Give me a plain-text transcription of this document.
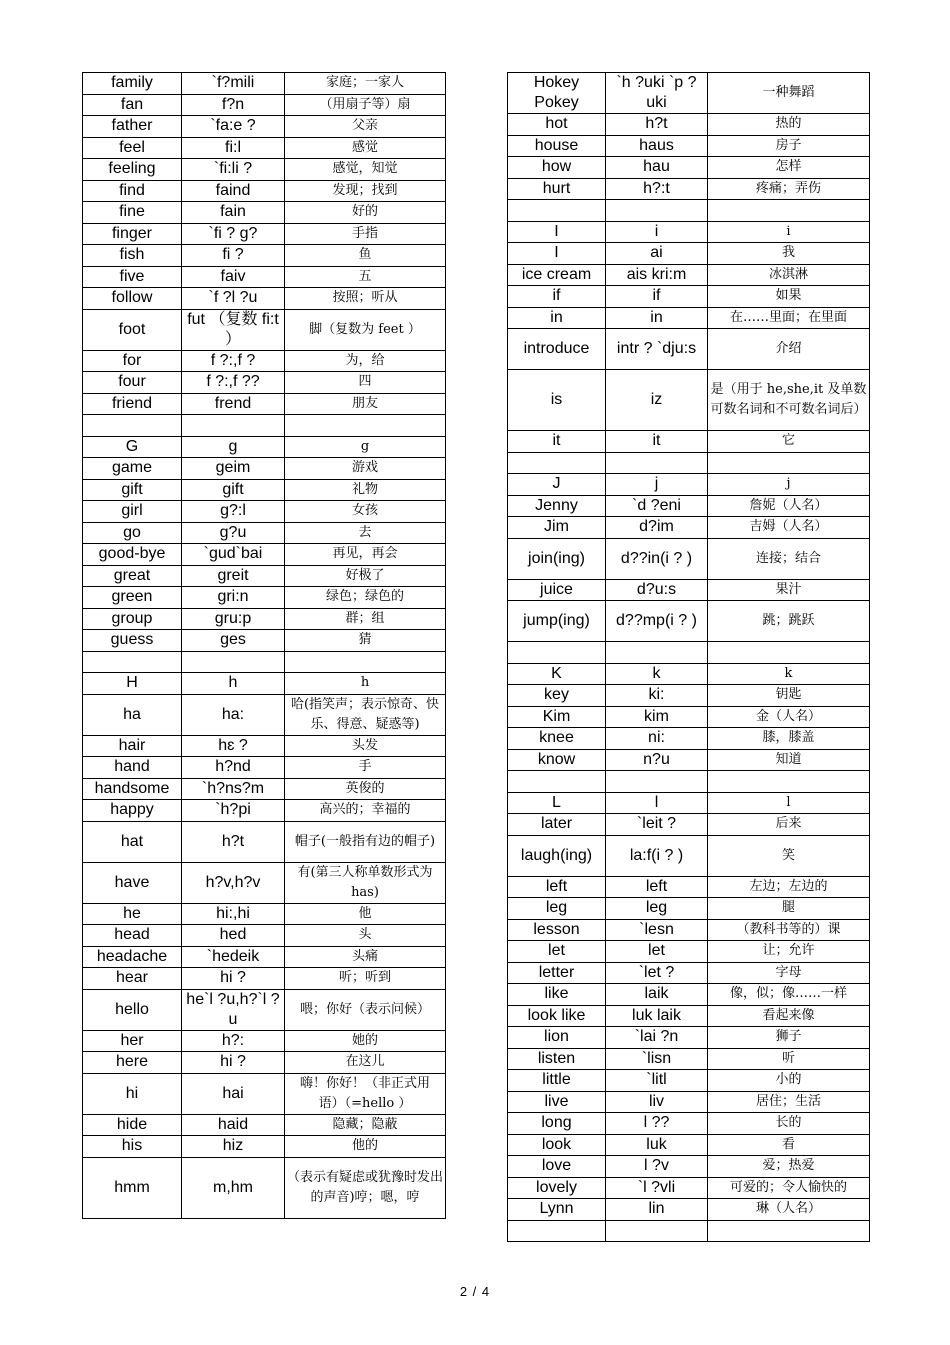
family	`f?mili	家庭；一家人
fan	f?n	（用扇子等）扇
father	`fa:e ?	父亲
feel	fi:l	感觉
feeling	`fi:li ?	感觉，知觉
find	faind	发现；找到
fine	fain	好的
finger	`fi ? g?	手指
fish	fi ?	鱼
five	faiv	五
follow	`f ?l ?u	按照；听从
foot	fut （复数 fi:t ）	脚（复数为 feet ）
for	f ?:,f ?	为，给
four	f ?:,f ??	四
friend	frend	朋友

G	g	g
game	geim	游戏
gift	gift	礼物
girl	g?:l	女孩
go	g?u	去
good-bye	`gud`bai	再见，再会
great	greit	好极了
green	gri:n	绿色；绿色的
group	gru:p	群；组
guess	ges	猜

H	h	h
ha	ha:	哈(指笑声；表示惊奇、快乐、得意、疑惑等)
hair	hɛ ?	头发
hand	h?nd	手
handsome	`h?ns?m	英俊的
happy	`h?pi	高兴的；幸福的
hat	h?t	帽子(一般指有边的帽子)
have	h?v,h?v	有(第三人称单数形式为 has)
he	hi:,hi	他
head	hed	头
headache	`hedeik	头痛
hear	hi ?	听；听到
hello	he`l ?u,h?`l ?u	喂；你好（表示问候）
her	h?:	她的
here	hi ?	在这儿
hi	hai	嗨！你好！（非正式用语）（=hello ）
hide	haid	隐藏；隐蔽
his	hiz	他的
hmm	m,hm	（表示有疑虑或犹豫时发出的声音)哼；嗯，哼
Hokey Pokey	`h ?uki `p ?uki	一种舞蹈
hot	h?t	热的
house	haus	房子
how	hau	怎样
hurt	h?:t	疼痛；弄伤

I	i	i
I	ai	我
ice cream	ais kri:m	冰淇淋
if	if	如果
in	in	在……里面；在里面
introduce	intr ? `dju:s	介绍
is	iz	是（用于 he,she,it 及单数可数名词和不可数名词后）
it	it	它

J	j	j
Jenny	`d ?eni	詹妮（人名）
Jim	d?im	吉姆（人名）
join(ing)	d??in(i ? )	连接；结合
juice	d?u:s	果汁
jump(ing)	d??mp(i ? )	跳；跳跃

K	k	k
key	ki:	钥匙
Kim	kim	金（人名）
knee	ni:	膝，膝盖
know	n?u	知道

L	l	l
later	`leit ?	后来
laugh(ing)	la:f(i ? )	笑
left	left	左边；左边的
leg	leg	腿
lesson	`lesn	（教科书等的）课
let	let	让；允许
letter	`let ?	字母
like	laik	像，似；像……一样
look like	luk laik	看起来像
lion	`lai ?n	狮子
listen	`lisn	听
little	`litl	小的
live	liv	居住；生活
long	l ??	长的
look	luk	看
love	l ?v	爱；热爱
lovely	`l ?vli	可爱的；令人愉快的
Lynn	lin	琳（人名）

2 / 4
